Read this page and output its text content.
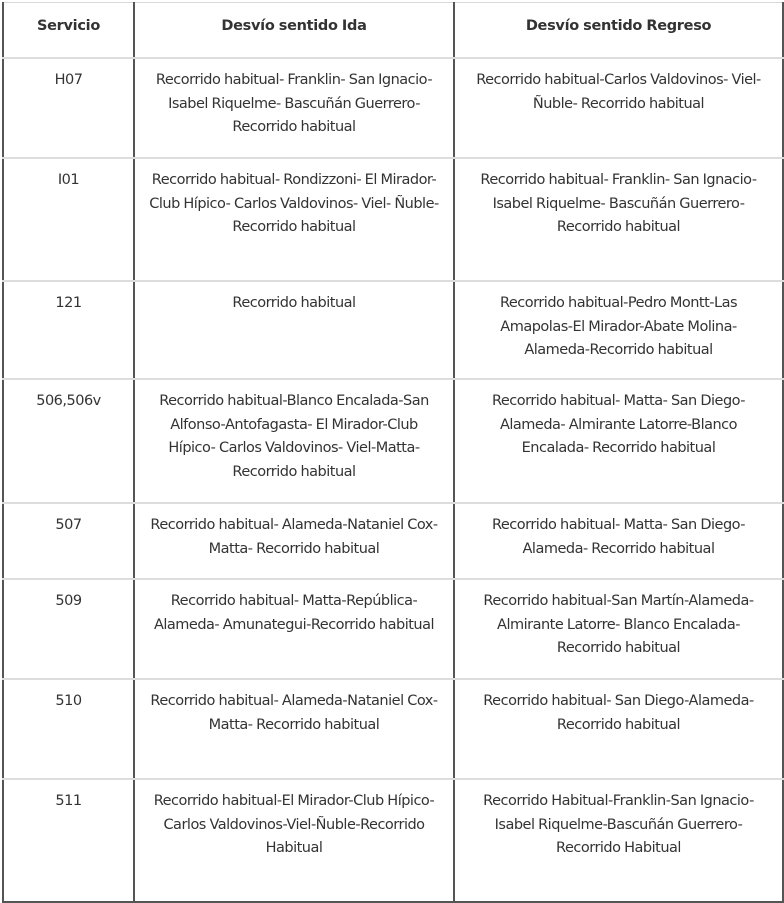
Servicio	Desvío sentido Ida	Desvío sentido Regreso
H07	Recorrido habitual- Franklin- San Ignacio- Isabel Riquelme- Bascuñán Guerrero- Recorrido habitual	Recorrido habitual-Carlos Valdovinos- Viel- Ñuble- Recorrido habitual
I01	Recorrido habitual- Rondizzoni- El Mirador- Club Hípico- Carlos Valdovinos- Viel- Ñuble- Recorrido habitual	Recorrido habitual- Franklin- San Ignacio- Isabel Riquelme- Bascuñán Guerrero- Recorrido habitual
121	Recorrido habitual	Recorrido habitual-Pedro Montt-Las Amapolas-El Mirador-Abate Molina-Alameda-Recorrido habitual
506,506v	Recorrido habitual-Blanco Encalada-San Alfonso-Antofagasta- El Mirador-Club Hípico- Carlos Valdovinos- Viel-Matta- Recorrido habitual	Recorrido habitual- Matta- San Diego-Alameda- Almirante Latorre-Blanco Encalada- Recorrido habitual
507	Recorrido habitual- Alameda-Nataniel Cox- Matta- Recorrido habitual	Recorrido habitual- Matta- San Diego-Alameda- Recorrido habitual
509	Recorrido habitual- Matta-República-Alameda- Amunategui-Recorrido habitual	Recorrido habitual-San Martín-Alameda- Almirante Latorre- Blanco Encalada- Recorrido habitual
510	Recorrido habitual- Alameda-Nataniel Cox- Matta- Recorrido habitual	Recorrido habitual- San Diego-Alameda- Recorrido habitual
511	Recorrido habitual-El Mirador-Club Hípico-Carlos Valdovinos-Viel-Ñuble-Recorrido Habitual	Recorrido Habitual-Franklin-San Ignacio-Isabel Riquelme-Bascuñán Guerrero-Recorrido Habitual
